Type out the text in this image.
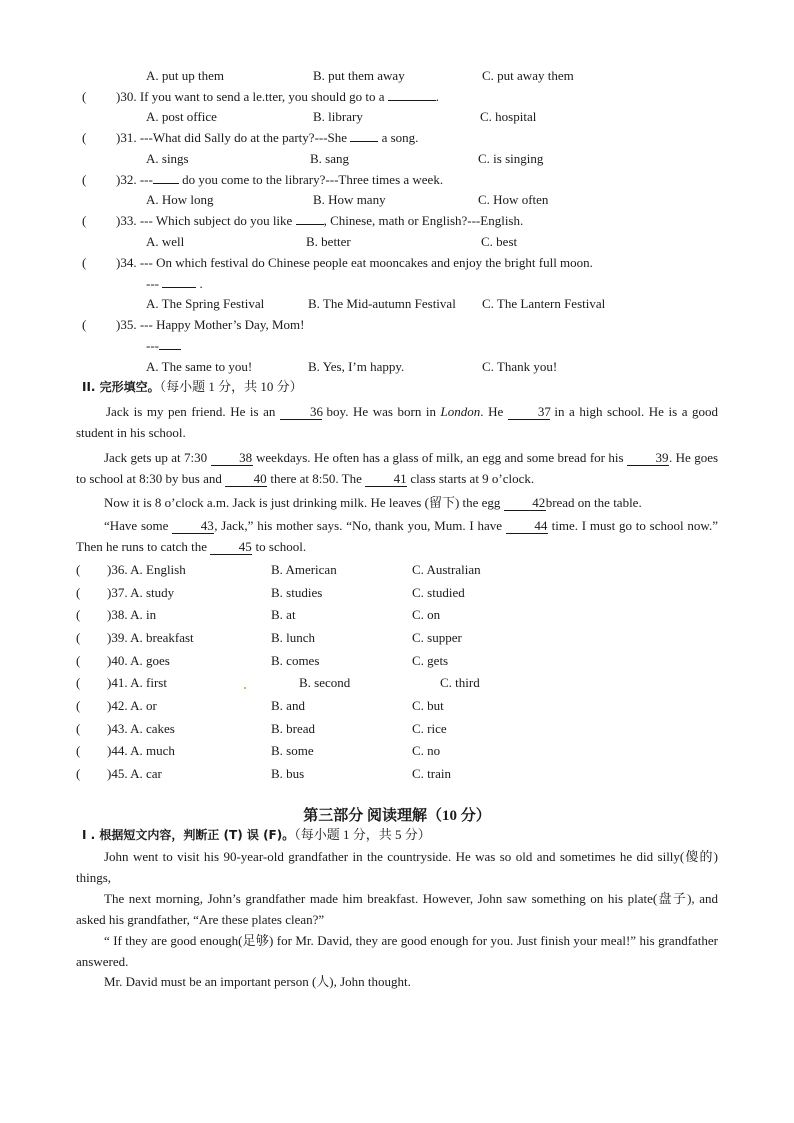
A. put up them	B. put them away	C. put away them
( )30. If you want to send a le.tter, you should go to a	.
A. post office	B. library	C. hospital
( )31. ---What did Sally do at the party?---She	a song.
A. sings	B. sang	C. is singing
( )32. --- do you come to the library?---Three times a week.
A. How long	B. How many	C. How often
( )33. --- Which subject do you like , Chinese, math or English?---English.
A. well	B. better	C. best
( )34. --- On which festival do Chinese people eat mooncakes and enjoy the bright full moon.
---	.
A. The Spring Festival	B. The Mid-autumn Festival C. The Lantern Festival
( )35. --- Happy Mother’s Day, Mom!
---
A. The same to you!	B. Yes, I’m happy.	C. Thank you!
II. 完形填空。（每小题 1 分，共 10 分）
Jack is my pen friend. He is an	36 boy. He was born in London. He	37 in a high school. He is a good student in his school.
Jack gets up at 7:30 38 weekdays. He often has a glass of milk, an egg and some bread for his 39. He goes to school at 8:30 by bus and 40 there at 8:50. The 41 class starts at 9 o’clock.
Now it is 8 o’clock a.m. Jack is just drinking milk. He leaves (留下) the egg 42bread on the table.
“Have some 43, Jack,” his mother says. “No, thank you, Mum. I have 44 time. I must go to school now.” Then he runs to catch the 45 to school.
( )36. A. English	B. American	C. Australian
( )37. A. study	B. studies	C. studied
( )38. A. in	B. at	C. on
( )39. A. breakfast	B. lunch	C. supper
( )40. A. goes	B. comes	C. gets
( )41. A. first	B. second	C. third
( )42. A. or	B. and	C. but
( )43. A. cakes	B. bread	C. rice
( )44. A. much	B. some	C. no
( )45. A. car	B. bus	C. train
第三部分 阅读理解（10 分）
I . 根据短文内容，判断正 (T) 误 (F)。（每小题 1 分，共 5 分）
John went to visit his 90-year-old grandfather in the countryside. He was so old and sometimes he did silly(傻的) things,
The next morning, John’s grandfather made him breakfast. However, John saw something on his plate(盘子), and asked his grandfather, “Are these plates clean?”
“ If they are good enough(足够) for Mr. David, they are good enough for you. Just finish your meal!” his grandfather answered.
Mr. David must be an important person (人), John thought.
